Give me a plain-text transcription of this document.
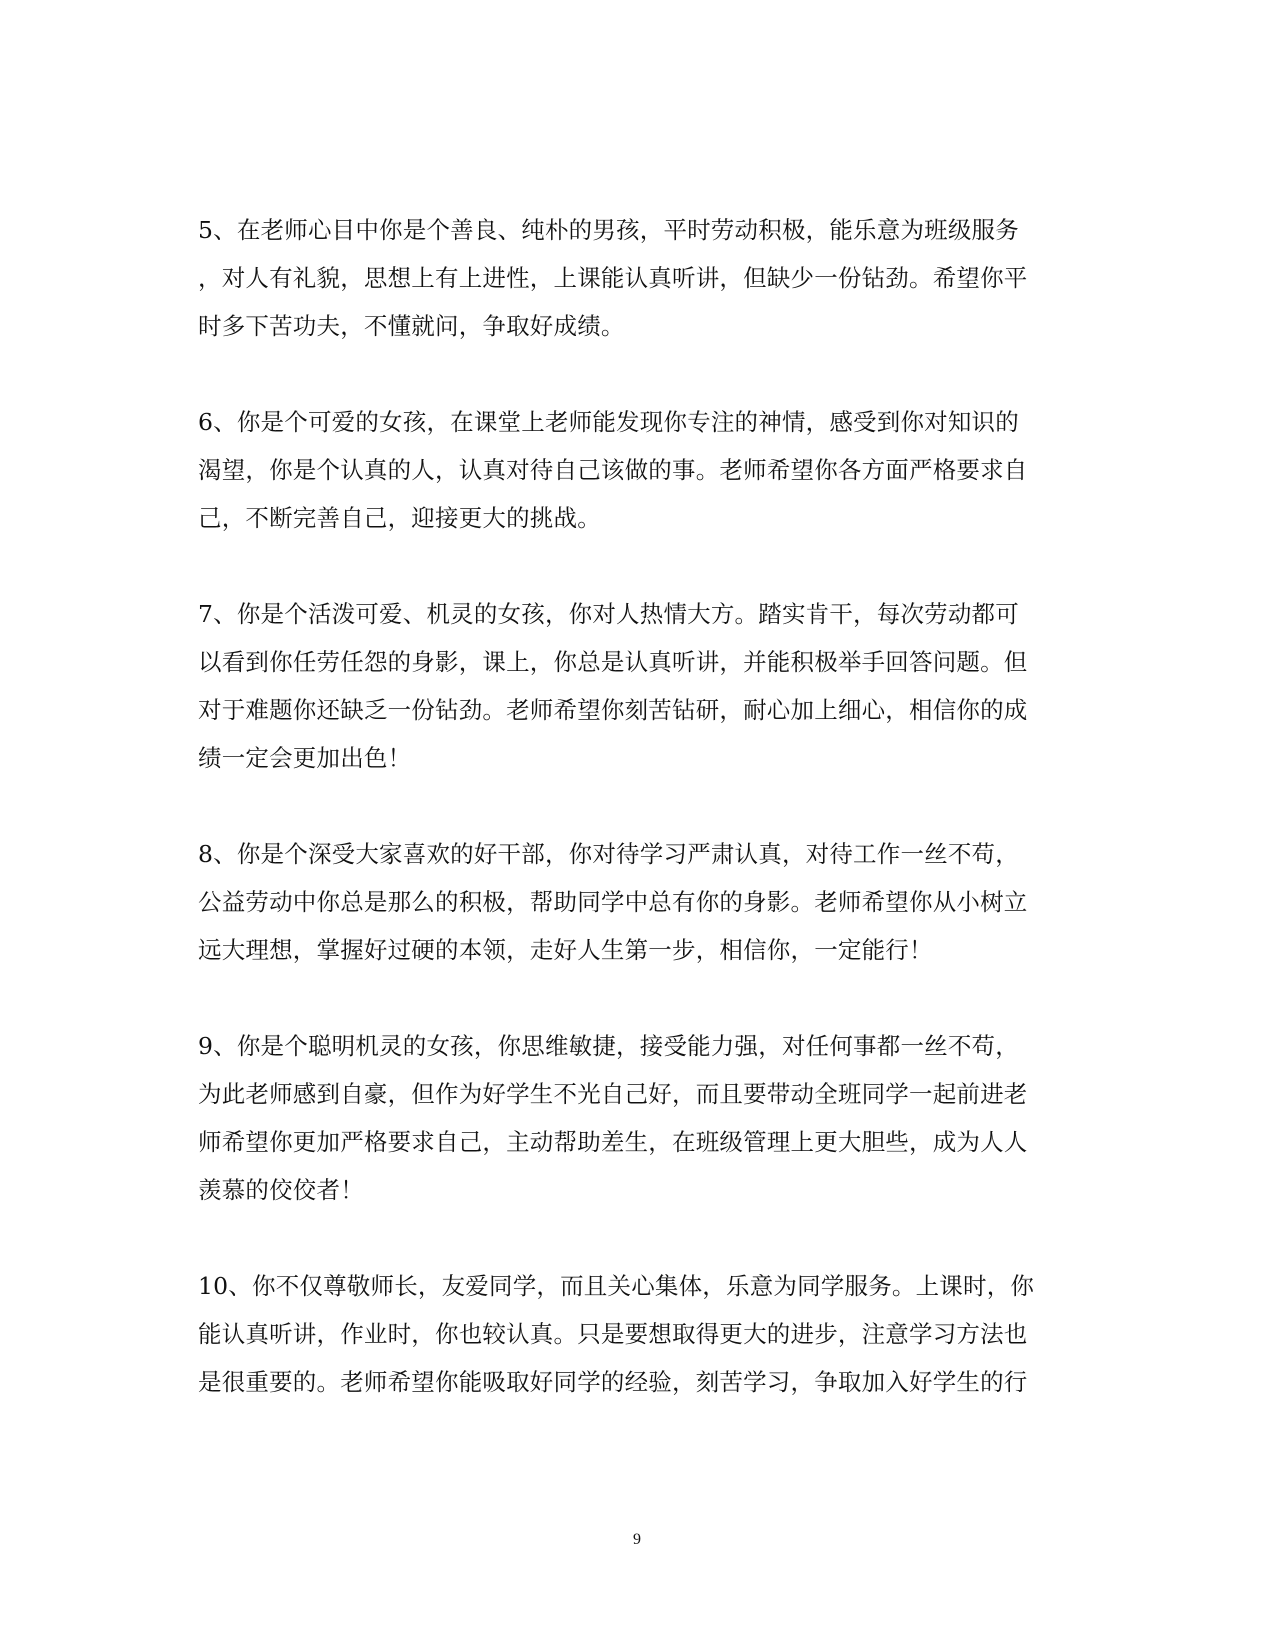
5、在老师心目中你是个善良、纯朴的男孩，平时劳动积极，能乐意为班级服务
，对人有礼貌，思想上有上进性，上课能认真听讲，但缺少一份钻劲。希望你平
时多下苦功夫，不懂就问，争取好成绩。
6、你是个可爱的女孩，在课堂上老师能发现你专注的神情，感受到你对知识的
渴望，你是个认真的人，认真对待自己该做的事。老师希望你各方面严格要求自
己，不断完善自己，迎接更大的挑战。
7、你是个活泼可爱、机灵的女孩，你对人热情大方。踏实肯干，每次劳动都可
以看到你任劳任怨的身影，课上，你总是认真听讲，并能积极举手回答问题。但
对于难题你还缺乏一份钻劲。老师希望你刻苦钻研，耐心加上细心，相信你的成
绩一定会更加出色！
8、你是个深受大家喜欢的好干部，你对待学习严肃认真，对待工作一丝不苟，
公益劳动中你总是那么的积极，帮助同学中总有你的身影。老师希望你从小树立
远大理想，掌握好过硬的本领，走好人生第一步，相信你，一定能行！
9、你是个聪明机灵的女孩，你思维敏捷，接受能力强，对任何事都一丝不苟，
为此老师感到自豪，但作为好学生不光自己好，而且要带动全班同学一起前进老
师希望你更加严格要求自己，主动帮助差生，在班级管理上更大胆些，成为人人
羡慕的佼佼者！
10、你不仅尊敬师长，友爱同学，而且关心集体，乐意为同学服务。上课时，你
能认真听讲，作业时，你也较认真。只是要想取得更大的进步，注意学习方法也
是很重要的。老师希望你能吸取好同学的经验，刻苦学习，争取加入好学生的行
9
